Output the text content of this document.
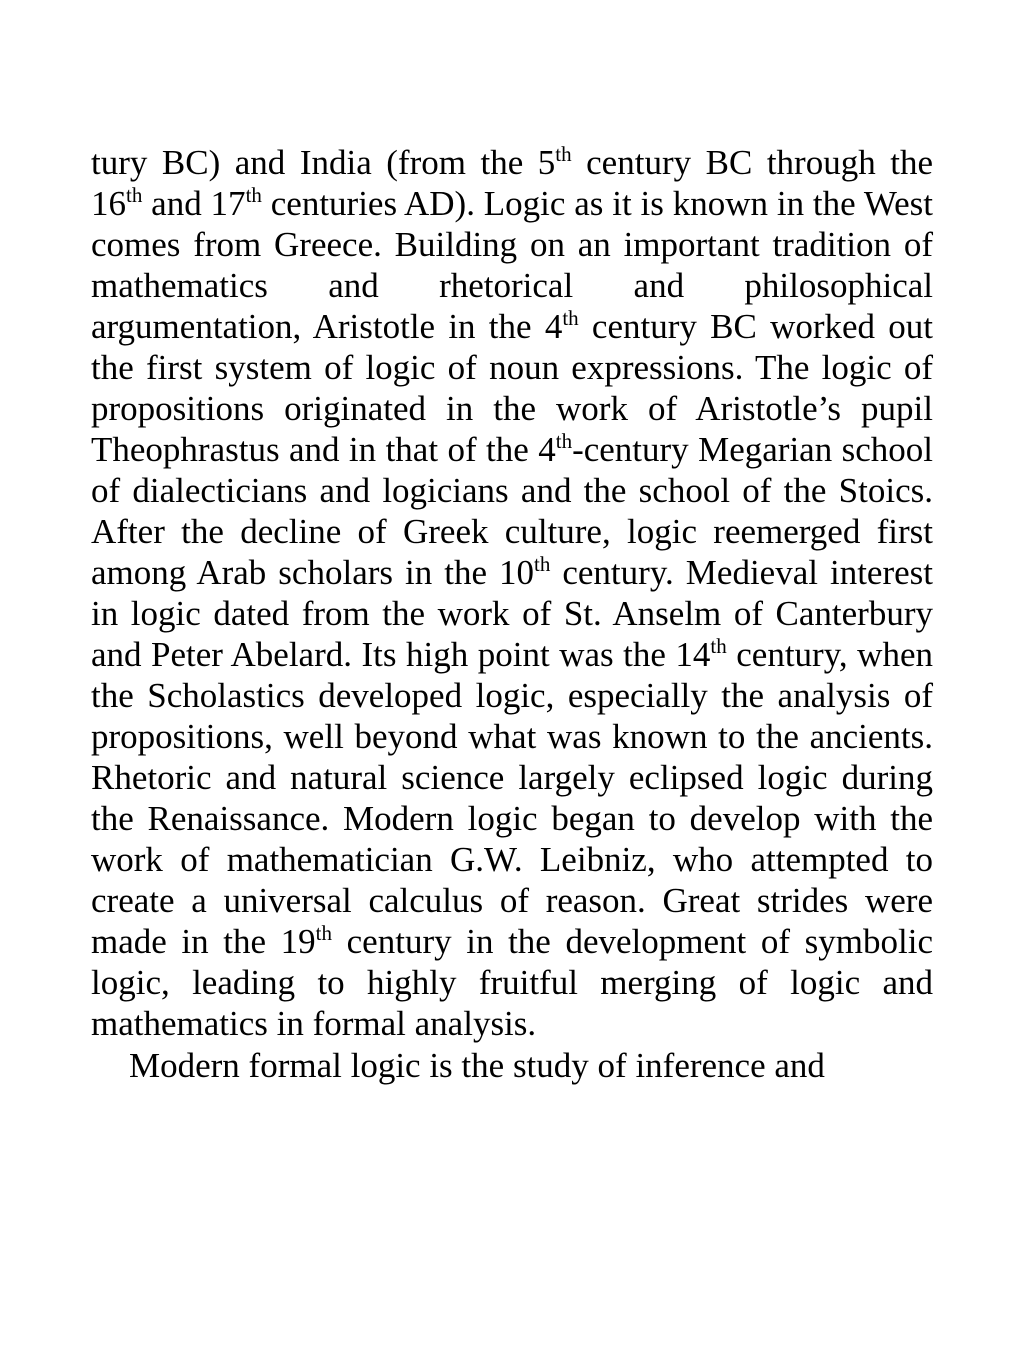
tury BC) and India (from the 5th century BC through the 16th and 17th centuries AD). Logic as it is known in the West comes from Greece. Building on an important tradition of mathematics and rhetorical and philosophical argumentation, Aristotle in the 4th century BC worked out the first system of logic of noun expressions. The logic of propositions originated in the work of Aristotle’s pupil Theophrastus and in that of the 4th-century Megarian school of dialecticians and logicians and the school of the Stoics. After the decline of Greek culture, logic reemerged first among Arab scholars in the 10th century. Medieval interest in logic dated from the work of St. Anselm of Canterbury and Peter Abelard. Its high point was the 14th century, when the Scholastics developed logic, especially the analysis of propositions, well beyond what was known to the ancients. Rhetoric and natural science largely eclipsed logic during the Renaissance. Modern logic began to develop with the work of mathematician G.W. Leibniz, who attempted to create a universal calculus of reason. Great strides were made in the 19th century in the development of symbolic logic, leading to highly fruitful merging of logic and mathematics in formal analysis.

Modern formal logic is the study of inference and
